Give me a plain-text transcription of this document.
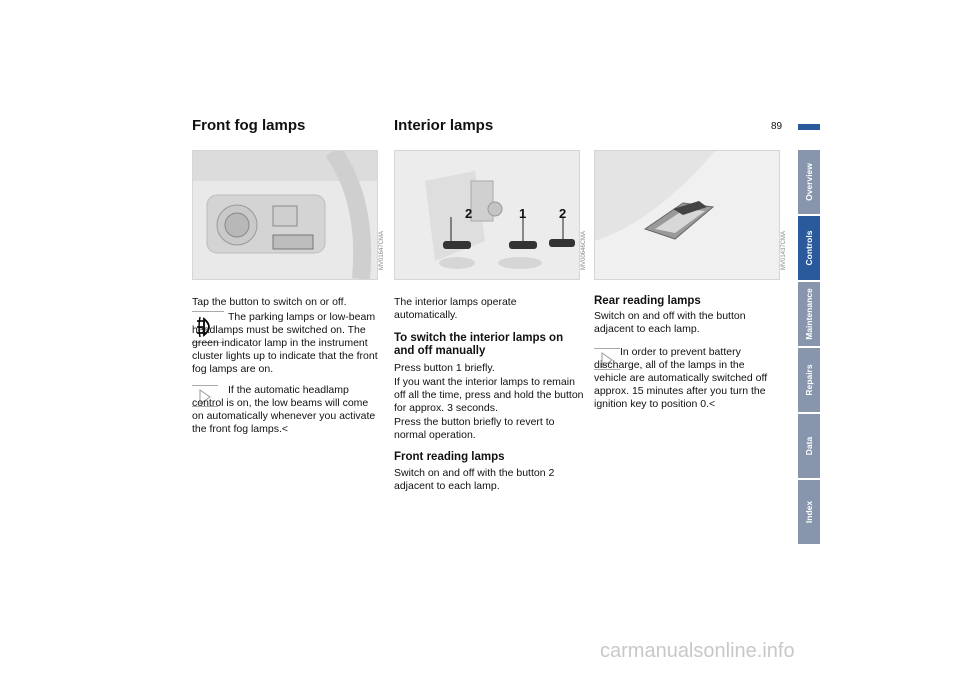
Front fog lamps	Interior lamps	89
MV01647CMA
2	1	2
MV00646CMA	MV01437CMA

Tap the button to switch on or off.

The parking lamps or low-beam headlamps must be switched on. The green indicator lamp in the instrument cluster lights up to indicate that the front fog lamps are on.

If the automatic headlamp control is on, the low beams will come on automatically whenever you activate the front fog lamps.<

The interior lamps operate automatically.

To switch the interior lamps on and off manually

Press button 1 briefly.

If you want the interior lamps to remain off all the time, press and hold the button for approx. 3 seconds.

Press the button briefly to revert to normal operation.

Front reading lamps

Switch on and off with the button 2 adjacent to each lamp.

Rear reading lamps

Switch on and off with the button adjacent to each lamp.

In order to prevent battery discharge, all of the lamps in the vehicle are automatically switched off approx. 15 minutes after you turn the ignition key to position 0.<

Overview
Controls
Maintenance
Repairs
Data
Index
carmanualsonline.info
